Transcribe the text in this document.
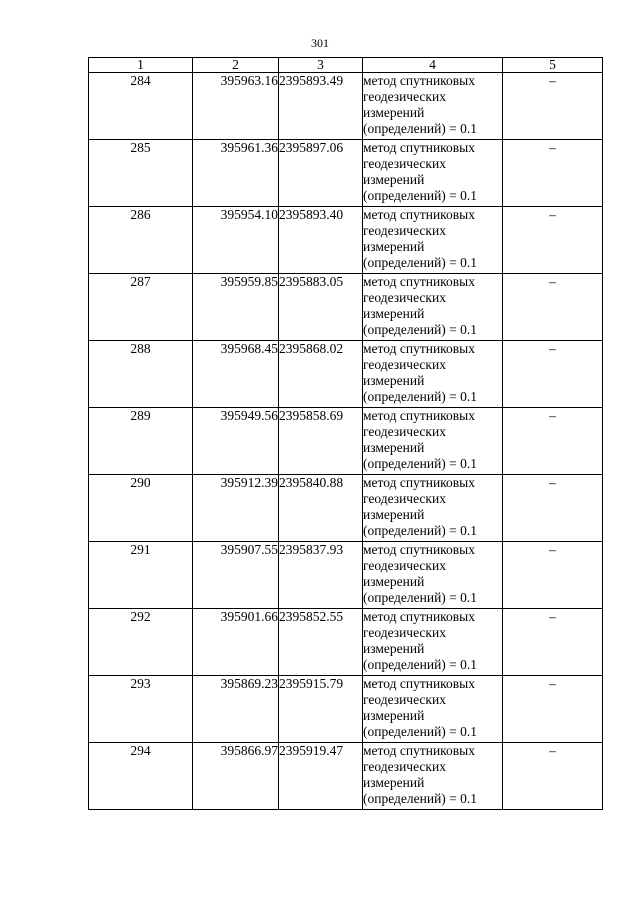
301
1	2	3	4	5
284	395963.16	2395893.49	метод спутниковых
геодезических
измерений
(определений) = 0.1	–
285	395961.36	2395897.06	метод спутниковых
геодезических
измерений
(определений) = 0.1	–
286	395954.10	2395893.40	метод спутниковых
геодезических
измерений
(определений) = 0.1	–
287	395959.85	2395883.05	метод спутниковых
геодезических
измерений
(определений) = 0.1	–
288	395968.45	2395868.02	метод спутниковых
геодезических
измерений
(определений) = 0.1	–
289	395949.56	2395858.69	метод спутниковых
геодезических
измерений
(определений) = 0.1	–
290	395912.39	2395840.88	метод спутниковых
геодезических
измерений
(определений) = 0.1	–
291	395907.55	2395837.93	метод спутниковых
геодезических
измерений
(определений) = 0.1	–
292	395901.66	2395852.55	метод спутниковых
геодезических
измерений
(определений) = 0.1	–
293	395869.23	2395915.79	метод спутниковых
геодезических
измерений
(определений) = 0.1	–
294	395866.97	2395919.47	метод спутниковых
геодезических
измерений
(определений) = 0.1	–
